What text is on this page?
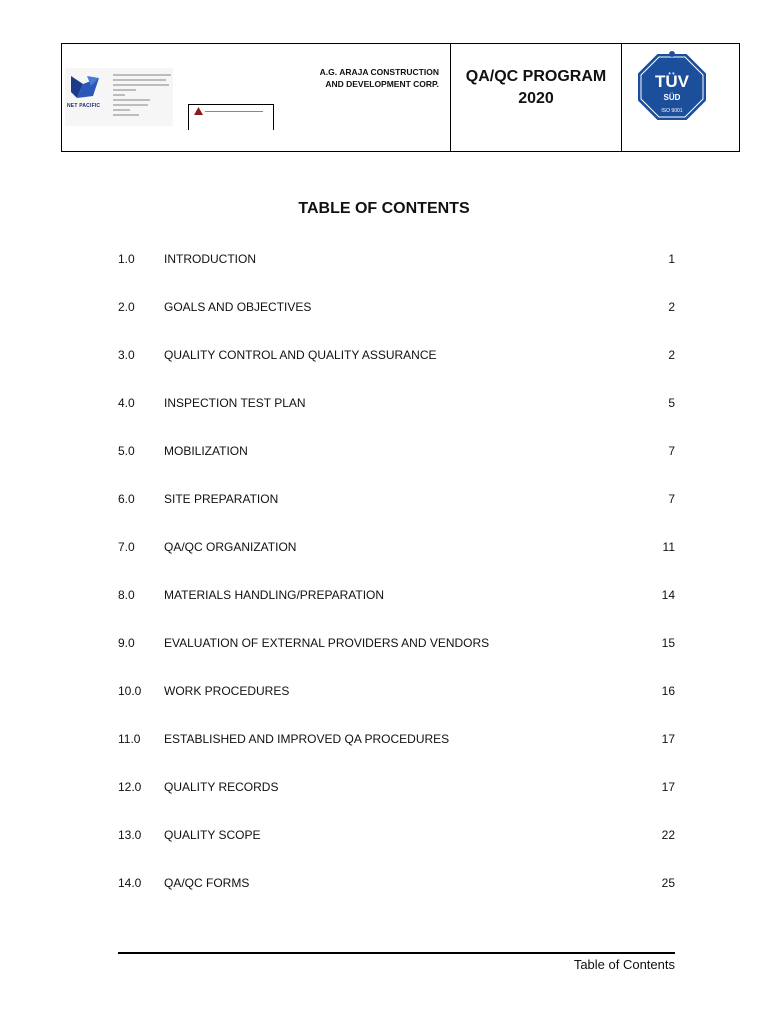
NET PACIFIC
A.G. ARAJA CONSTRUCTION
AND DEVELOPMENT CORP.	QA/QC PROGRAM
2020
TÜV
SÜD
ISO 9001
TABLE OF CONTENTS
1.0 INTRODUCTION	1
2.0 GOALS AND OBJECTIVES	2
3.0 QUALITY CONTROL AND QUALITY ASSURANCE	2
4.0 INSPECTION TEST PLAN	5
5.0 MOBILIZATION	7
6.0 SITE PREPARATION	7
7.0 QA/QC ORGANIZATION	11
8.0 MATERIALS HANDLING/PREPARATION	14
9.0 EVALUATION OF EXTERNAL PROVIDERS AND VENDORS	15
10.0 WORK PROCEDURES	16
11.0 ESTABLISHED AND IMPROVED QA PROCEDURES	17
12.0 QUALITY RECORDS	17
13.0 QUALITY SCOPE	22
14.0 QA/QC FORMS	25
Table of Contents
